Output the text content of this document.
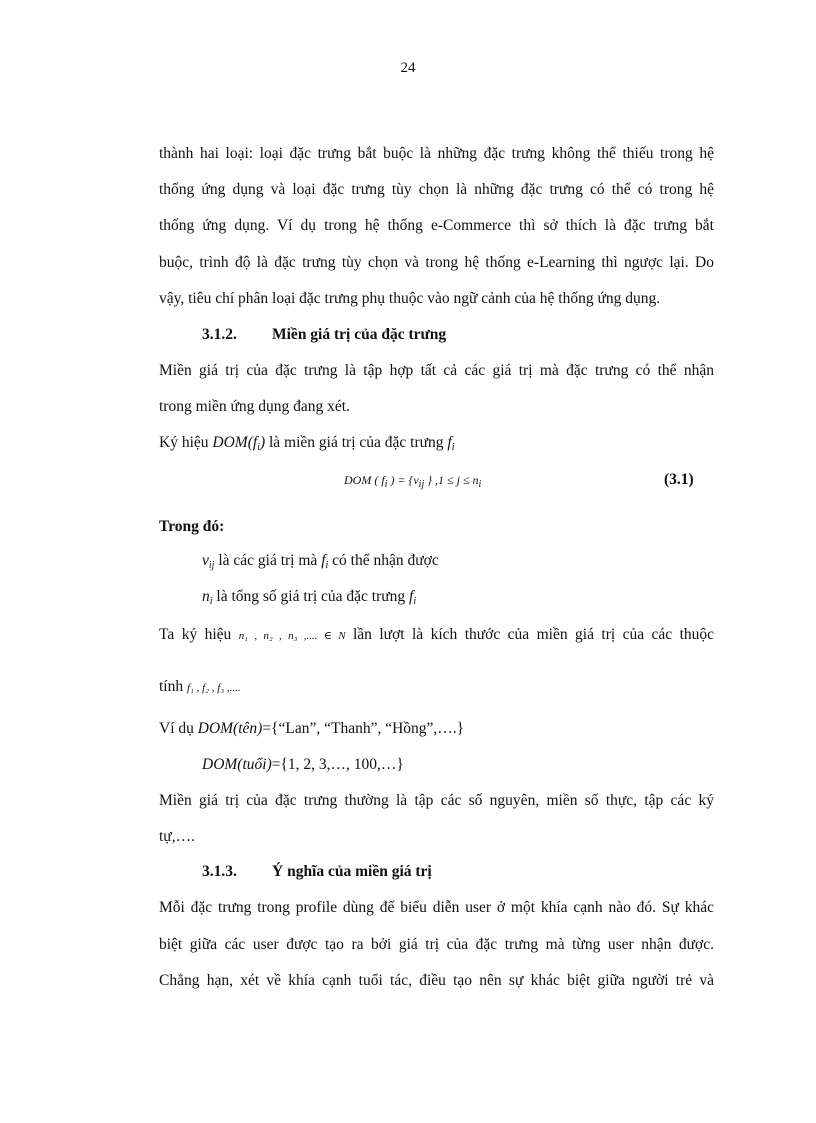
24
thành hai loại: loại đặc trưng bắt buộc là những đặc trưng không thể thiếu trong hệ
thống ứng dụng và loại đặc trưng tùy chọn là những đặc trưng có thể có trong hệ
thống ứng dụng. Ví dụ trong hệ thống e-Commerce thì sở thích là đặc trưng bắt
buộc, trình độ là đặc trưng tùy chọn và trong hệ thống e-Learning thì ngược lại. Do
vậy, tiêu chí phân loại đặc trưng phụ thuộc vào ngữ cảnh của hệ thống ứng dụng.
3.1.2. Miền giá trị của đặc trưng
Miền giá trị của đặc trưng là tập hợp tất cả các giá trị mà đặc trưng có thể nhận
trong miền ứng dụng đang xét.
Ký hiệu $DOM(f_i)$ là miền giá trị của đặc trưng $f_i$
DOM ( $f_i$ ) = {$v_{ij}$ } $,1 \le j \le n_i$	(3.1)
Trong đó:
$v_{ij}$ là các giá trị mà $f_i$ có thể nhận được
$n_i$ là tổng số giá trị của đặc trưng $f_i$
Ta ký hiệu n₁ , n₂ , n₃ ,.... ∈ N lần lượt là kích thước của miền giá trị của các thuộc
tính f₁ , f₂ , f₃ ,....
Ví dụ DOM(tên)={“Lan”, “Thanh”, “Hồng”,….}
DOM(tuổi)={1, 2, 3,…, 100,…}
Miền giá trị của đặc trưng thường là tập các số nguyên, miền số thực, tập các ký
tự,….
3.1.3. Ý nghĩa của miền giá trị
Mỗi đặc trưng trong profile dùng để biểu diễn user ở một khía cạnh nào đó. Sự khác
biệt giữa các user được tạo ra bởi giá trị của đặc trưng mà từng user nhận được.
Chẳng hạn, xét về khía cạnh tuổi tác, điều tạo nên sự khác biệt giữa người trẻ và
